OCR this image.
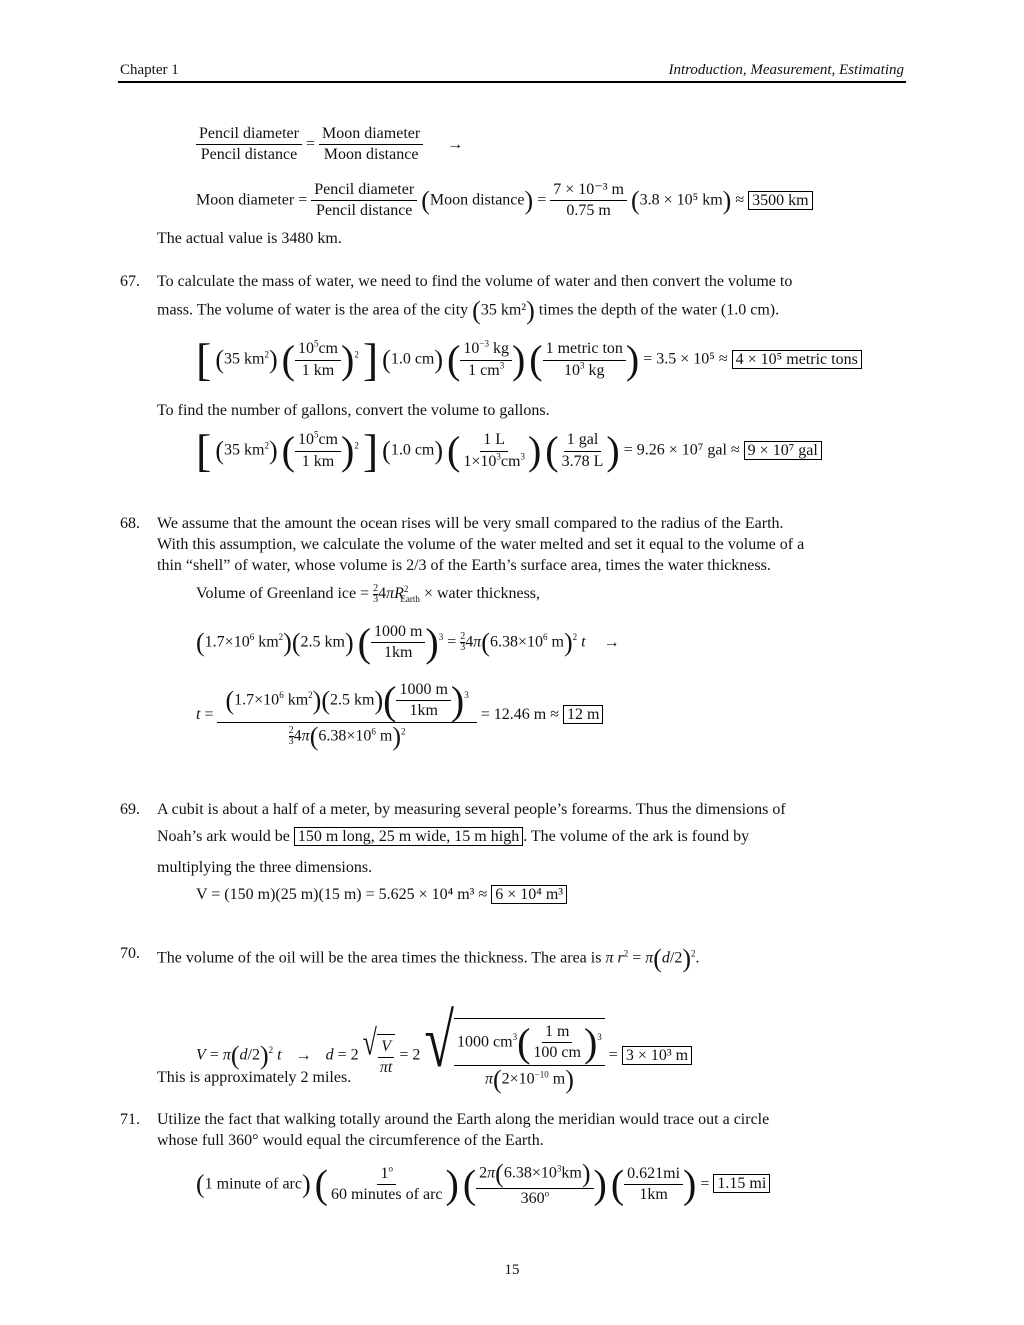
Chapter 1	Introduction, Measurement, Estimating
$\frac{\text{Pencil diameter}}{\text{Pencil distance}} = \frac{\text{Moon diameter}}{\text{Moon distance}}$ →
Moon diameter = $\frac{\text{Pencil diameter}}{\text{Pencil distance}}$ (Moon distance) = $\frac{\text{7 × 10⁻³ m}}{0.75 m} (3.8 \times 10^5$ km) ≈ 3500 km
The actual value is 3480 km.
67. To calculate the mass of water, we need to find the volume of water and then convert the volume to
mass. The volume of water is the area of the city (35 km²) times the depth of the water (1.0 cm).
[ (35 $km^2$) ( $\frac{10^5cm}{1 km} )^2$ ] (1.0 cm) ( $\frac{10^{-3} kg}{1 cm^3}$ ) ( $\frac{\text{1 metric ton}}{10^3 kg}$ ) = 3.5 × 10⁵ ≈ 4 × 10⁵ metric tons
To find the number of gallons, convert the volume to gallons.
[ (35 $km^2$) ( $\frac{10^5cm}{1 km} )^2$ ] (1.0 cm) ( $\frac{1 L}{1\times 10^3cm^3}$ ) ( $\frac{\text{1 gal}}{3.78 L}$ ) = 9.26 × 10⁷ gal ≈ 9 × 10⁷ gal
68. We assume that the amount the ocean rises will be very small compared to the radius of the Earth.
With this assumption, we calculate the volume of the water melted and set it equal to the volume of a
thin “shell” of water, whose volume is 2/3 of the Earth’s surface area, times the water thickness.
Volume of Greenland ice = $\frac{2}{3} 4\pi R^2_{Earth}$ × water thickness,
($1.7\times 10^6$ $km^2)(2.5$ km) ( $\frac{1000 m}{1km} )^3 = \frac{2}{3} 4\pi(6.38\times 10^6$ m)$^2$ t →
$t = \frac{(1.7\times 10^6 km^2)(2.5 km)( \frac{1000 m}{1km} )^3}{\frac{2}{3} 4\pi(6.38\times 10^6 m)^2} = 12.46$ m ≈ 12 m
69. A cubit is about a half of a meter, by measuring several people’s forearms. Thus the dimensions of
Noah’s ark would be 150 m long, 25 m wide, 15 m high . The volume of the ark is found by
multiplying the three dimensions.
V = (150 m)(25 m)(15 m) = 5.625 × 10⁴ m³ ≈ 6 × 10⁴ m³
70. The volume of the oil will be the area times the thickness. The area is π $r^2 = \pi(d/2)^2$.
$V = \pi(d/2)^2$ t → d = 2 √ $\frac{V}{\pi t} = 2$ √ $\frac{1000 cm^3( \frac{1 m}{100 cm} )^3}{\pi(2\times 10^{-10} m)} = 3 \times 10^3$ m
This is approximately 2 miles.
71. Utilize the fact that walking totally around the Earth along the meridian would trace out a circle
whose full 360° would equal the circumference of the Earth.
(1 minute of arc) ( $\frac{1^o}{\text{60 minutes of arc}}$ ) ( $\frac{2\pi(6.38\times 10^3km)}{360^o}$ ) ( $\frac{0.621mi}{1km}$ ) = 1.15 mi
15
